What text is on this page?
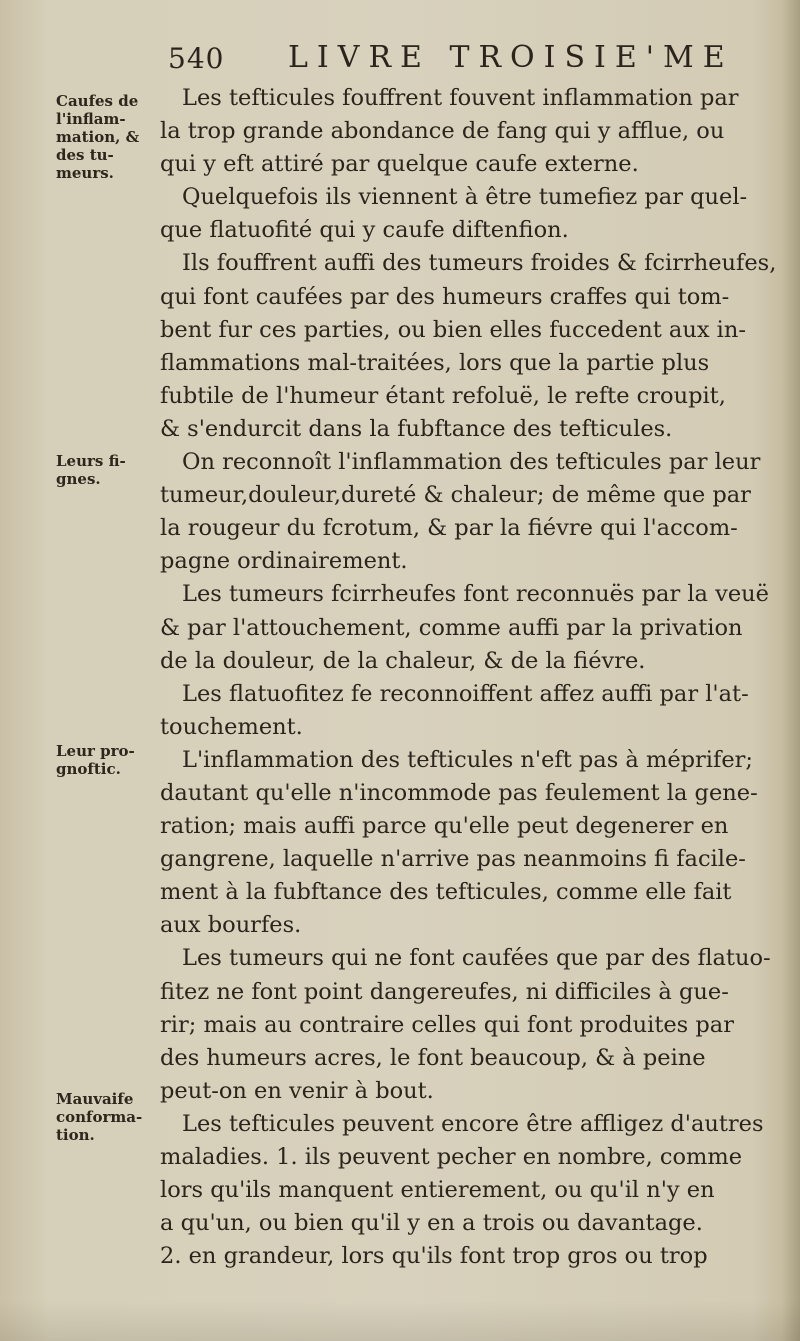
540 LIVRE TROISIE'ME
Caufes de l'inflam-mation, & des tu-meurs.
Leurs fi-gnes.
Leur pro-gnoftic.
Mauvaife conforma-tion.

Les tefticules fouffrent fouvent inflammation par
la trop grande abondance de fang qui y afflue, ou
qui y eft attiré par quelque caufe externe.

Quelquefois ils viennent à être tumefiez par quel-
que flatuofité qui y caufe diftenfion.

Ils fouffrent auffi des tumeurs froides & fcirrheufes,
qui font caufées par des humeurs craffes qui tom-
bent fur ces parties, ou bien elles fuccedent aux in-
flammations mal-traitées, lors que la partie plus
fubtile de l'humeur étant refoluë, le refte croupit,
& s'endurcit dans la fubftance des tefticules.

On reconnoît l'inflammation des tefticules par leur
tumeur,douleur,dureté & chaleur; de même que par
la rougeur du fcrotum, & par la fiévre qui l'accom-
pagne ordinairement.

Les tumeurs fcirrheufes font reconnuës par la veuë
& par l'attouchement, comme auffi par la privation
de la douleur, de la chaleur, & de la fiévre.

Les flatuofitez fe reconnoiffent affez auffi par l'at-
touchement.

L'inflammation des tefticules n'eft pas à méprifer;
dautant qu'elle n'incommode pas feulement la gene-
ration; mais auffi parce qu'elle peut degenerer en
gangrene, laquelle n'arrive pas neanmoins fi facile-
ment à la fubftance des tefticules, comme elle fait
aux bourfes.

Les tumeurs qui ne font caufées que par des flatuo-
fitez ne font point dangereufes, ni difficiles à gue-
rir; mais au contraire celles qui font produites par
des humeurs acres, le font beaucoup, & à peine
peut-on en venir à bout.

Les tefticules peuvent encore être affligez d'autres
maladies. 1. ils peuvent pecher en nombre, comme
lors qu'ils manquent entierement, ou qu'il n'y en
a qu'un, ou bien qu'il y en a trois ou davantage.
2. en grandeur, lors qu'ils font trop gros ou trop
